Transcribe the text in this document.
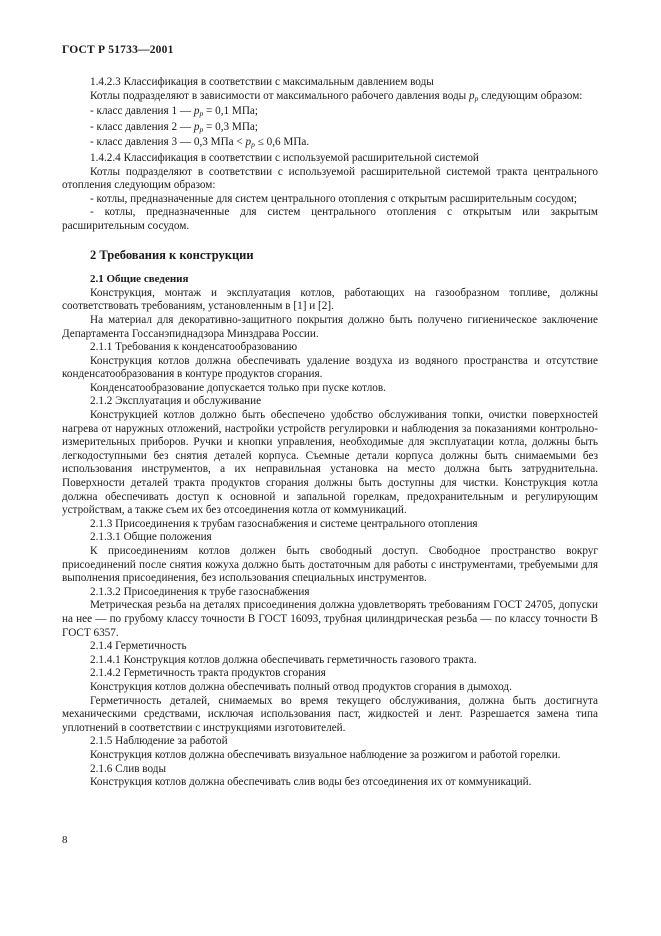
ГОСТ Р 51733—2001
1.4.2.3 Классификация в соответствии с максимальным давлением воды
Котлы подразделяют в зависимости от максимального рабочего давления воды $p_р$ следующим образом:
- класс давления 1 — $p_р = 0,1$ МПа;
- класс давления 2 — $p_р = 0,3$ МПа;
- класс давления 3 — 0,3 МПа < $p_р \le 0,6$ МПа.
1.4.2.4 Классификация в соответствии с используемой расширительной системой
Котлы подразделяют в соответствии с используемой расширительной системой тракта центрального отопления следующим образом:
- котлы, предназначенные для систем центрального отопления с открытым расширительным сосудом;
- котлы, предназначенные для систем центрального отопления с открытым или закрытым расширительным сосудом.
2 Требования к конструкции
2.1 Общие сведения
Конструкция, монтаж и эксплуатация котлов, работающих на газообразном топливе, должны соответствовать требованиям, установленным в [1] и [2].
На материал для декоративно-защитного покрытия должно быть получено гигиеническое заключение Департамента Госсанэпиднадзора Минздрава России.
2.1.1 Требования к конденсатообразованию
Конструкция котлов должна обеспечивать удаление воздуха из водяного пространства и отсутствие конденсатообразования в контуре продуктов сгорания.
Конденсатообразование допускается только при пуске котлов.
2.1.2 Эксплуатация и обслуживание
Конструкцией котлов должно быть обеспечено удобство обслуживания топки, очистки поверхностей нагрева от наружных отложений, настройки устройств регулировки и наблюдения за показаниями контрольно-измерительных приборов. Ручки и кнопки управления, необходимые для эксплуатации котла, должны быть легкодоступными без снятия деталей корпуса. Съемные детали корпуса должны быть снимаемыми без использования инструментов, а их неправильная установка на место должна быть затруднительна. Поверхности деталей тракта продуктов сгорания должны быть доступны для чистки. Конструкция котла должна обеспечивать доступ к основной и запальной горелкам, предохранительным и регулирующим устройствам, а также съем их без отсоединения котла от коммуникаций.
2.1.3 Присоединения к трубам газоснабжения и системе центрального отопления
2.1.3.1 Общие положения
К присоединениям котлов должен быть свободный доступ. Свободное пространство вокруг присоединений после снятия кожуха должно быть достаточным для работы с инструментами, требуемыми для выполнения присоединения, без использования специальных инструментов.
2.1.3.2 Присоединения к трубе газоснабжения
Метрическая резьба на деталях присоединения должна удовлетворять требованиям ГОСТ 24705, допуски на нее — по грубому классу точности В ГОСТ 16093, трубная цилиндрическая резьба — по классу точности В ГОСТ 6357.
2.1.4 Герметичность
2.1.4.1 Конструкция котлов должна обеспечивать герметичность газового тракта.
2.1.4.2 Герметичность тракта продуктов сгорания
Конструкция котлов должна обеспечивать полный отвод продуктов сгорания в дымоход.
Герметичность деталей, снимаемых во время текущего обслуживания, должна быть достигнута механическими средствами, исключая использования паст, жидкостей и лент. Разрешается замена типа уплотнений в соответствии с инструкциями изготовителей.
2.1.5 Наблюдение за работой
Конструкция котлов должна обеспечивать визуальное наблюдение за розжигом и работой горелки.
2.1.6 Слив воды
Конструкция котлов должна обеспечивать слив воды без отсоединения их от коммуникаций.
8
